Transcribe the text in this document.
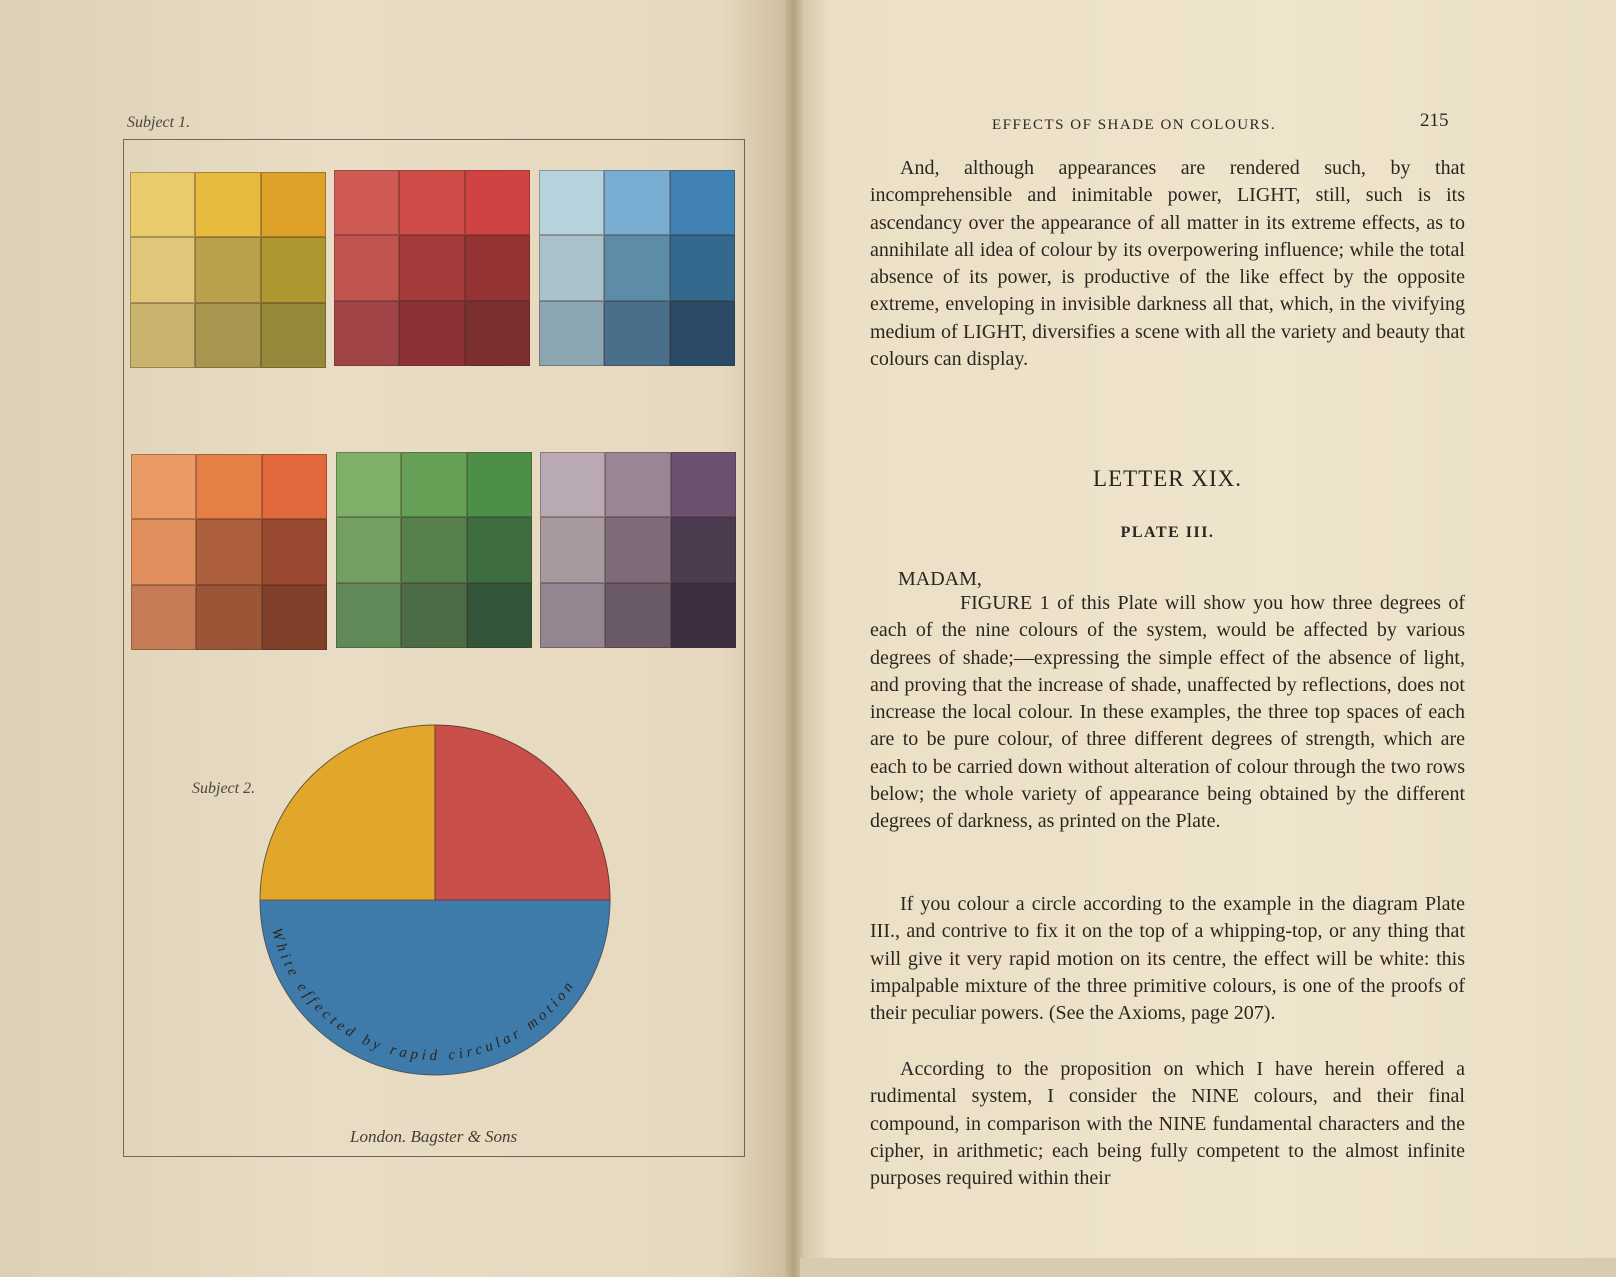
Subject 1.
Subject 2.
White effected by rapid circular motion
London. Bagster & Sons
EFFECTS OF SHADE ON COLOURS.	215
And, although appearances are rendered such, by that incomprehensible and inimitable power, LIGHT, still, such is its ascendancy over the appearance of all matter in its extreme effects, as to annihilate all idea of colour by its overpowering influence; while the total absence of its power, is productive of the like effect by the opposite extreme, enveloping in invisible darkness all that, which, in the vivifying medium of LIGHT, diversifies a scene with all the variety and beauty that colours can display.
LETTER XIX.
PLATE III.
MADAM,
FIGURE 1 of this Plate will show you how three degrees of each of the nine colours of the system, would be affected by various degrees of shade;—expressing the simple effect of the absence of light, and proving that the increase of shade, unaffected by reflections, does not increase the local colour. In these examples, the three top spaces of each are to be pure colour, of three different degrees of strength, which are each to be carried down without alteration of colour through the two rows below; the whole variety of appearance being obtained by the different degrees of darkness, as printed on the Plate.
If you colour a circle according to the example in the diagram Plate III., and contrive to fix it on the top of a whipping-top, or any thing that will give it very rapid motion on its centre, the effect will be white: this impalpable mixture of the three primitive colours, is one of the proofs of their peculiar powers. (See the Axioms, page 207).
According to the proposition on which I have herein offered a rudimental system, I consider the NINE colours, and their final compound, in comparison with the NINE fundamental characters and the cipher, in arithmetic; each being fully competent to the almost infinite purposes required within their
